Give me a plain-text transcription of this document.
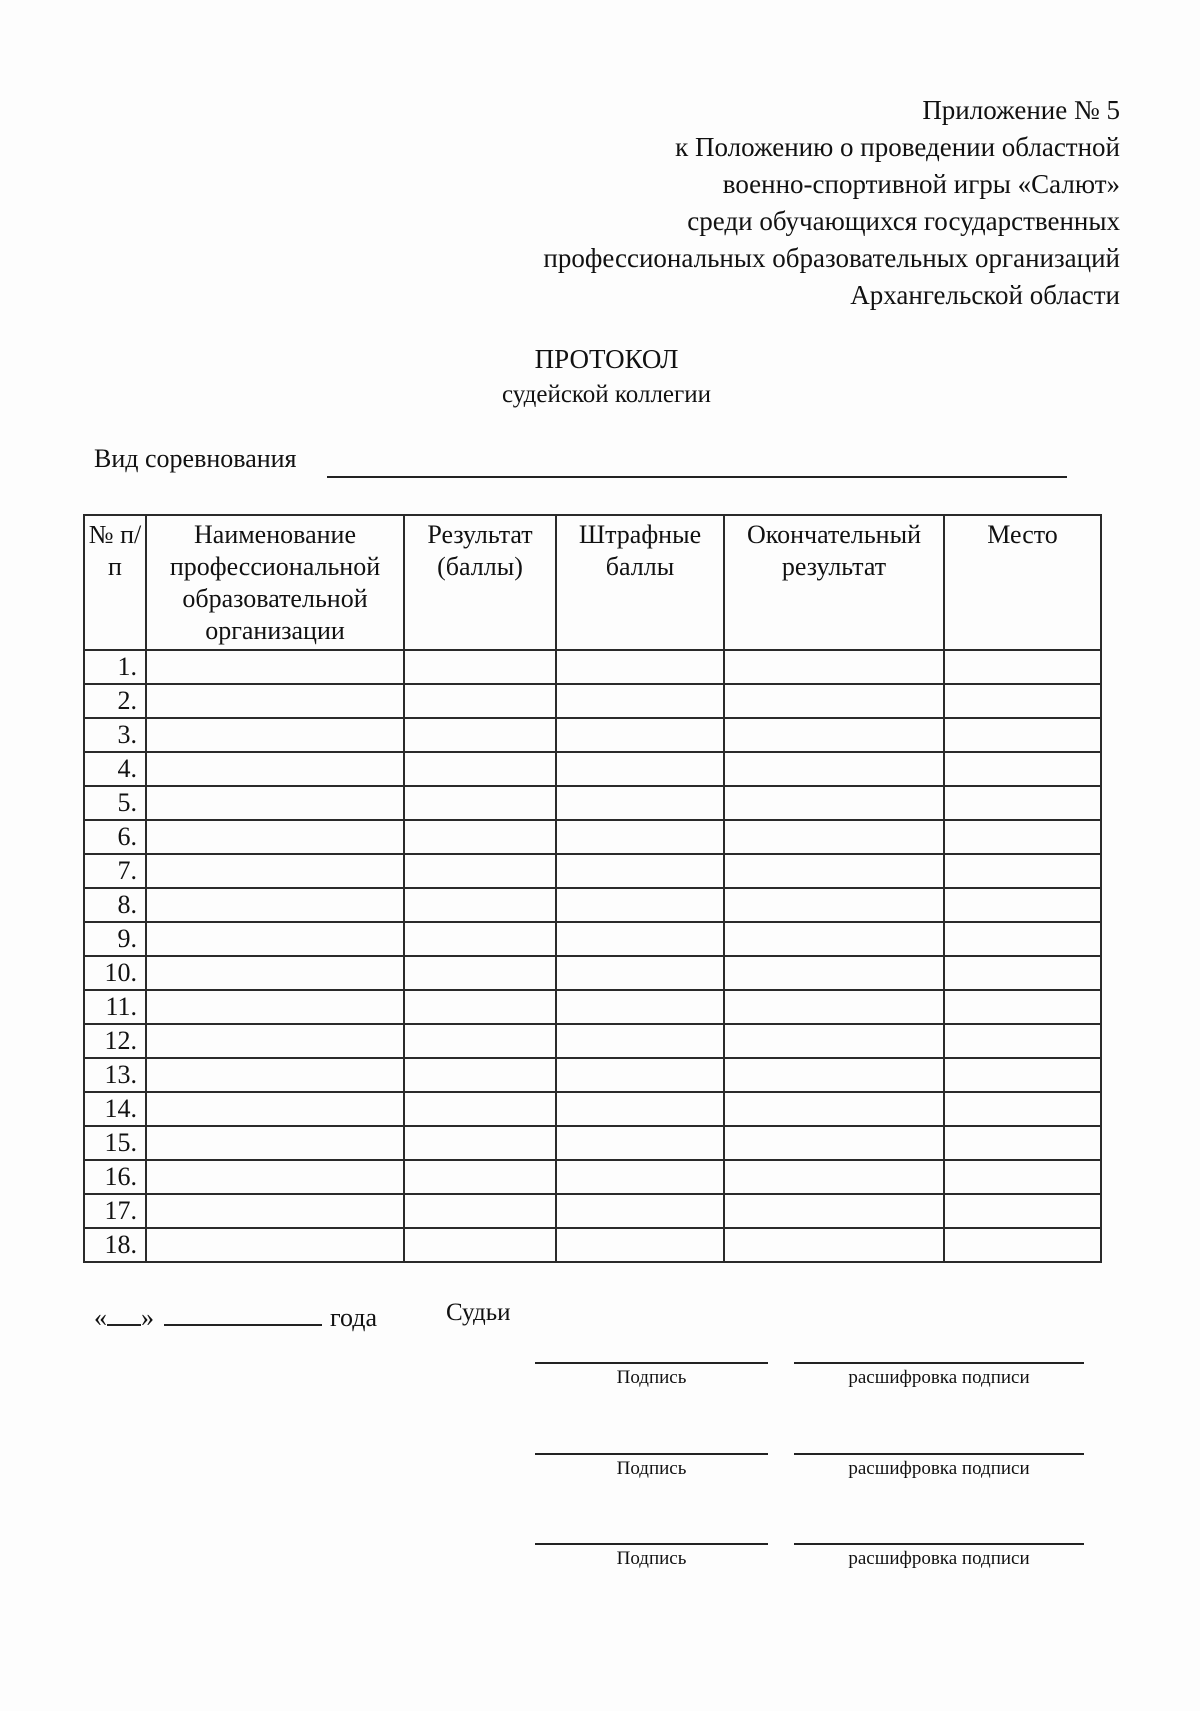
Приложение № 5
к Положению о проведении областной
военно-спортивной игры «Салют»
среди обучающихся государственных
профессиональных образовательных организаций
Архангельской области
ПРОТОКОЛ
судейской коллегии
Вид соревнования
№ п/п	Наименование профессиональной образовательной организации	Результат (баллы)	Штрафные баллы	Окончательный результат	Место
1.					
2.					
3.					
4.					
5.					
6.					
7.					
8.					
9.					
10.					
11.					
12.					
13.					
14.					
15.					
16.					
17.					
18.					
« »	года	Судьи
Подпись	расшифровка подписи
Подпись	расшифровка подписи
Подпись	расшифровка подписи
